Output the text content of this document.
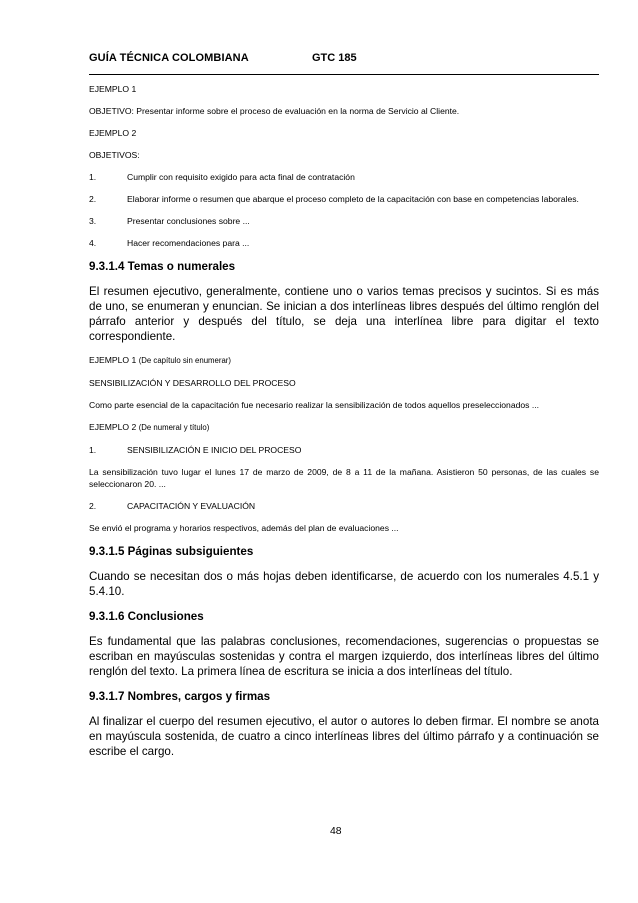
GUÍA TÉCNICA COLOMBIANA	GTC 185

EJEMPLO 1

OBJETIVO: Presentar informe sobre el proceso de evaluación en la norma de Servicio al Cliente.

EJEMPLO 2

OBJETIVOS:

1.	Cumplir con requisito exigido para acta final de contratación
2.	Elaborar informe o resumen que abarque el proceso completo de la capacitación con base en competencias laborales.
3.	Presentar conclusiones sobre ...
4.	Hacer recomendaciones para ...

9.3.1.4 Temas o numerales

El resumen ejecutivo, generalmente, contiene uno o varios temas precisos y sucintos. Si es más de uno, se enumeran y enuncian. Se inician a dos interlíneas libres después del último renglón del párrafo anterior y después del título, se deja una interlínea libre para digitar el texto correspondiente.

EJEMPLO 1 (De capítulo sin enumerar)

SENSIBILIZACIÓN Y DESARROLLO DEL PROCESO

Como parte esencial de la capacitación fue necesario realizar la sensibilización de todos aquellos preseleccionados ...

EJEMPLO 2 (De numeral y título)

1.	SENSIBILIZACIÓN E INICIO DEL PROCESO

La sensibilización tuvo lugar el lunes 17 de marzo de 2009, de 8 a 11 de la mañana. Asistieron 50 personas, de las cuales se seleccionaron 20. ...

2.	CAPACITACIÓN Y EVALUACIÓN

Se envió el programa y horarios respectivos, además del plan de evaluaciones ...

9.3.1.5 Páginas subsiguientes

Cuando se necesitan dos o más hojas deben identificarse, de acuerdo con los numerales 4.5.1 y 5.4.10.

9.3.1.6 Conclusiones

Es fundamental que las palabras conclusiones, recomendaciones, sugerencias o propuestas se escriban en mayúsculas sostenidas y contra el margen izquierdo, dos interlíneas libres del último renglón del texto. La primera línea de escritura se inicia a dos interlíneas del título.

9.3.1.7 Nombres, cargos y firmas

Al finalizar el cuerpo del resumen ejecutivo, el autor o autores lo deben firmar. El nombre se anota en mayúscula sostenida, de cuatro a cinco interlíneas libres del último párrafo y a continuación se escribe el cargo.

48
